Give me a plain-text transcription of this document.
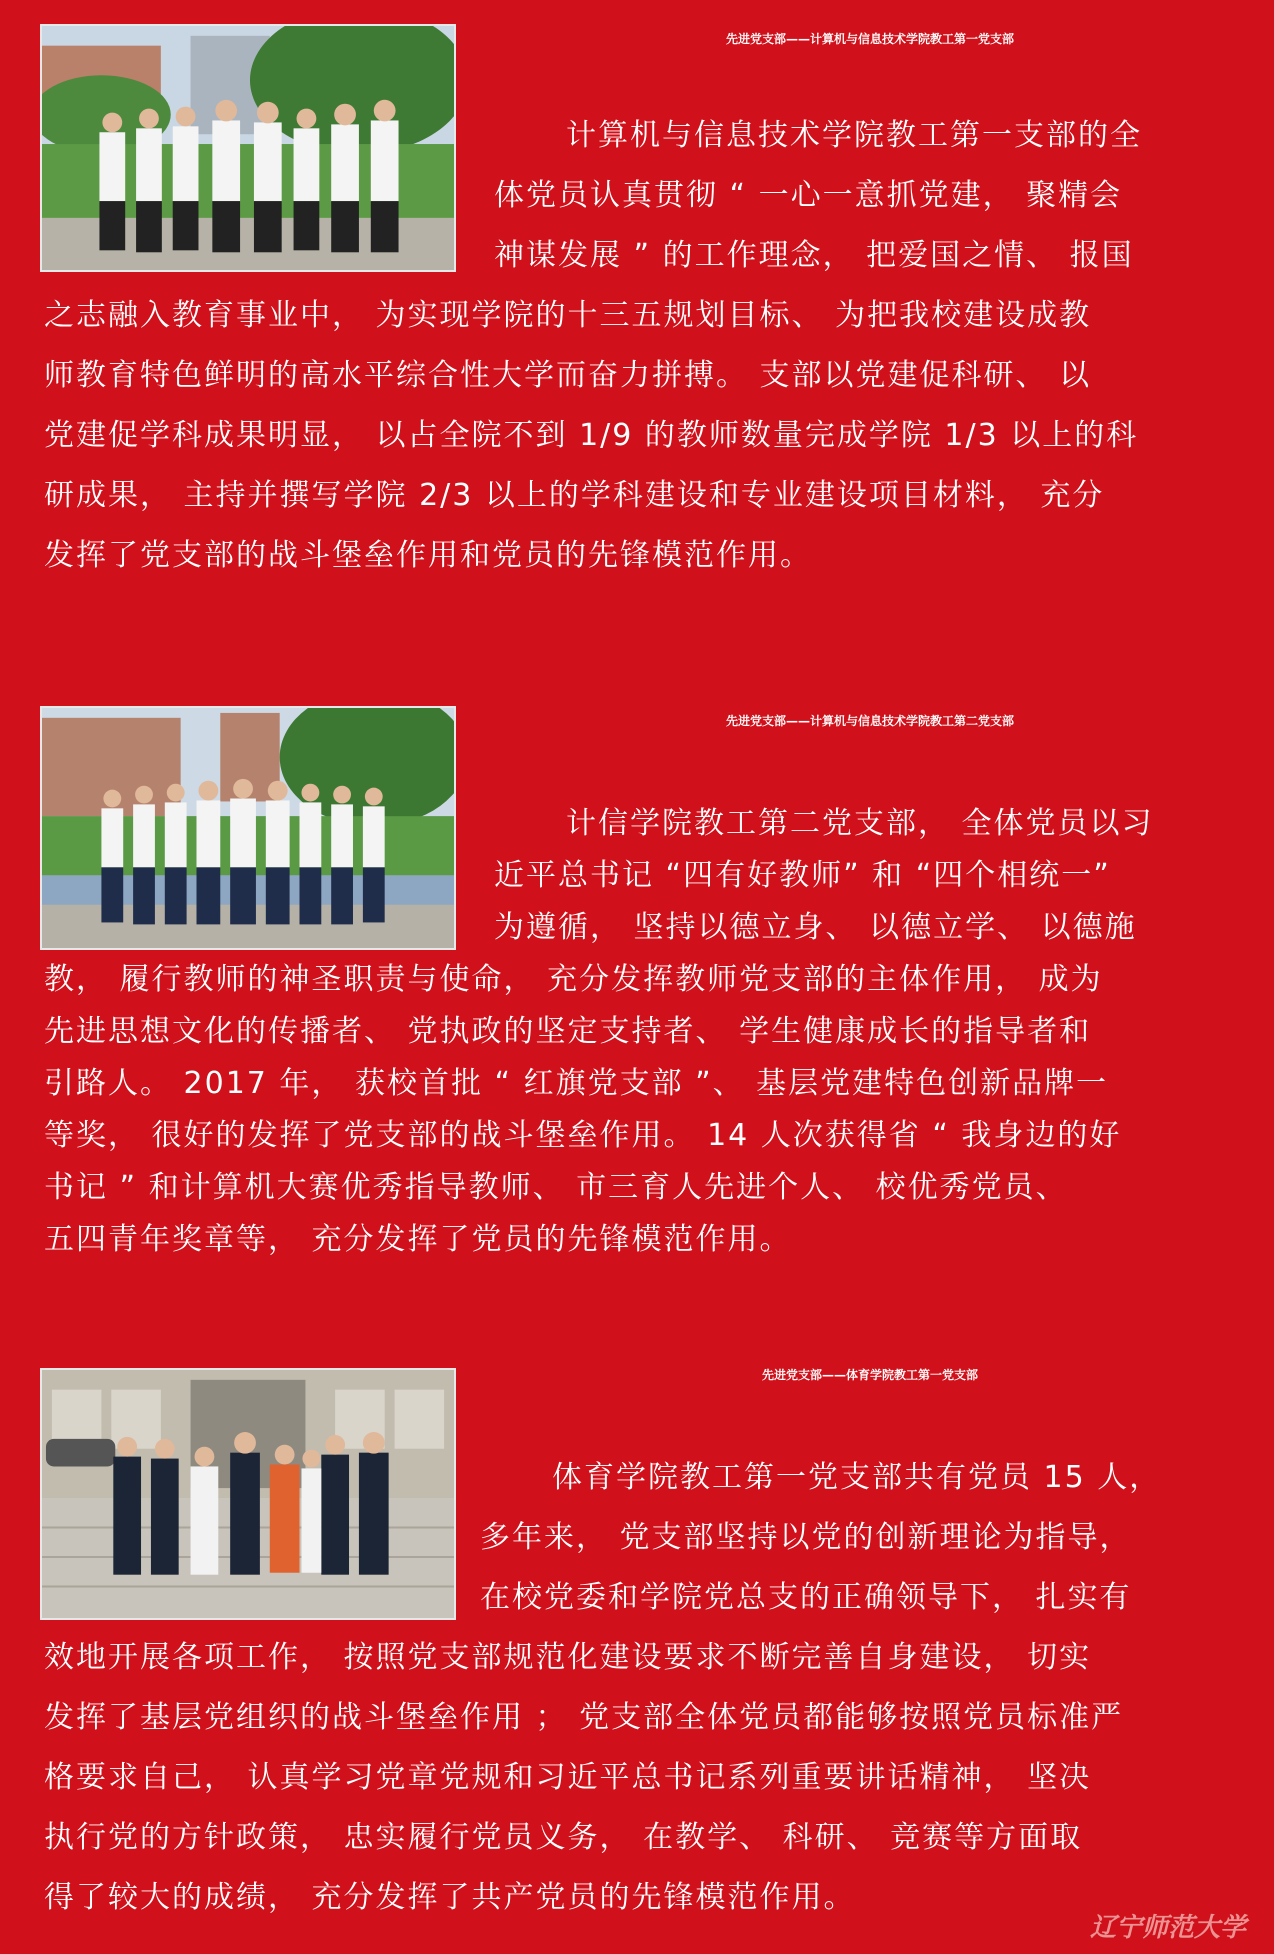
先进党支部——计算机与信息技术学院教工第一党支部
计算机与信息技术学院教工第一支部的全
体党员认真贯彻 “ 一心一意抓党建， 聚精会
神谋发展 ” 的工作理念， 把爱国之情、 报国
之志融入教育事业中， 为实现学院的十三五规划目标、 为把我校建设成教
师教育特色鲜明的高水平综合性大学而奋力拼搏。 支部以党建促科研、 以
党建促学科成果明显， 以占全院不到 1/9 的教师数量完成学院 1/3 以上的科
研成果， 主持并撰写学院 2/3 以上的学科建设和专业建设项目材料， 充分
发挥了党支部的战斗堡垒作用和党员的先锋模范作用。
先进党支部——计算机与信息技术学院教工第二党支部
计信学院教工第二党支部， 全体党员以习
近平总书记 “四有好教师” 和 “四个相统一”
为遵循， 坚持以德立身、 以德立学、 以德施
教， 履行教师的神圣职责与使命， 充分发挥教师党支部的主体作用， 成为
先进思想文化的传播者、 党执政的坚定支持者、 学生健康成长的指导者和
引路人。 2017 年， 获校首批 “ 红旗党支部 ”、 基层党建特色创新品牌一
等奖， 很好的发挥了党支部的战斗堡垒作用。 14 人次获得省 “ 我身边的好
书记 ” 和计算机大赛优秀指导教师、 市三育人先进个人、 校优秀党员、
五四青年奖章等， 充分发挥了党员的先锋模范作用。
先进党支部——体育学院教工第一党支部
体育学院教工第一党支部共有党员 15 人，
多年来， 党支部坚持以党的创新理论为指导，
在校党委和学院党总支的正确领导下， 扎实有
效地开展各项工作， 按照党支部规范化建设要求不断完善自身建设， 切实
发挥了基层党组织的战斗堡垒作用 ； 党支部全体党员都能够按照党员标准严
格要求自己， 认真学习党章党规和习近平总书记系列重要讲话精神， 坚决
执行党的方针政策， 忠实履行党员义务， 在教学、 科研、 竞赛等方面取
得了较大的成绩， 充分发挥了共产党员的先锋模范作用。
辽宁师范大学
